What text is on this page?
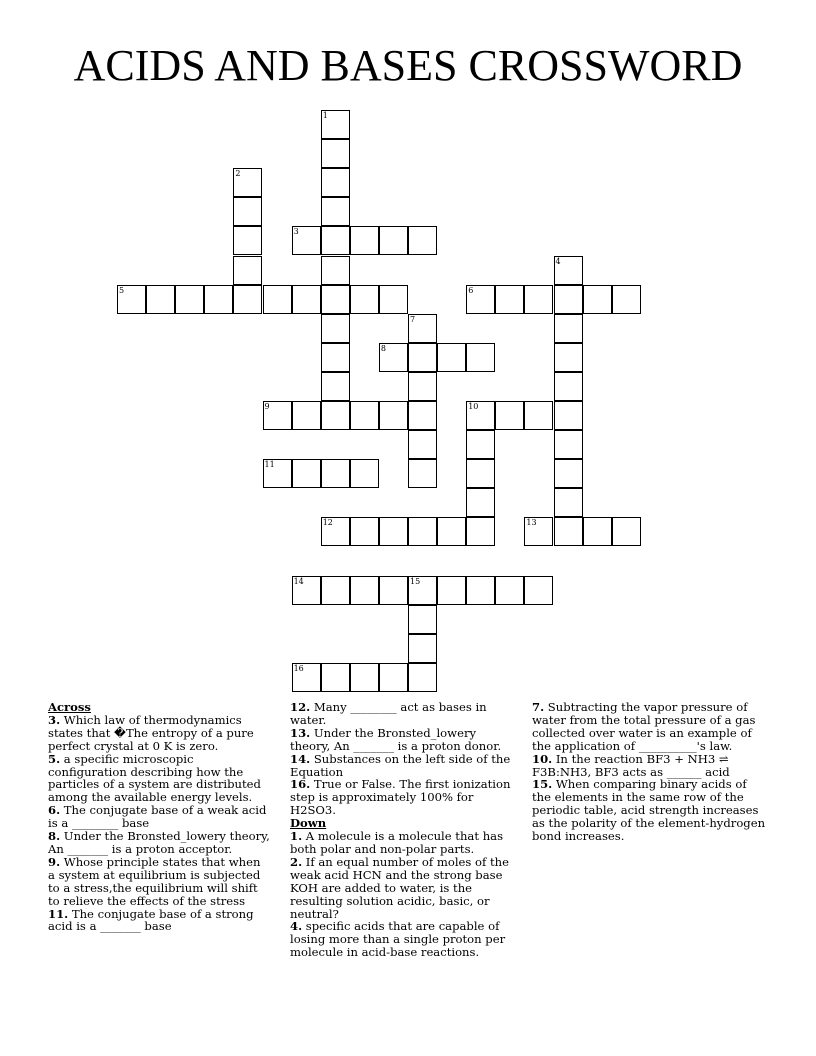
ACIDS AND BASES CROSSWORD
1
2
3
4
5	6
7
8
9	10
11
12	13
14	15
16

Across

3. Which law of thermodynamics states that �The entropy of a pure perfect crystal at 0 K is zero.

5. a specific microscopic configuration describing how the particles of a system are distributed among the available energy levels.

6. The conjugate base of a weak acid is a ________ base

8. Under the Bronsted_lowery theory, An _______ is a proton acceptor.

9. Whose principle states that when a system at equilibrium is subjected to a stress,the equilibrium will shift to relieve the effects of the stress

11. The conjugate base of a strong acid is a _______ base

12. Many ________ act as bases in water.

13. Under the Bronsted_lowery theory, An _______ is a proton donor.

14. Substances on the left side of the Equation

16. True or False. The first ionization step is approximately 100% for H2SO3.

Down

1. A molecule is a molecule that has both polar and non-polar parts.

2. If an equal number of moles of the weak acid HCN and the strong base KOH are added to water, is the resulting solution acidic, basic, or neutral?

4. specific acids that are capable of losing more than a single proton per molecule in acid-base reactions.

7. Subtracting the vapor pressure of water from the total pressure of a gas collected over water is an example of the application of __________'s law.

10. In the reaction BF3 + NH3 ⇌ F3B:NH3, BF3 acts as ______ acid

15. When comparing binary acids of the elements in the same row of the periodic table, acid strength increases as the polarity of the element-hydrogen bond increases.
